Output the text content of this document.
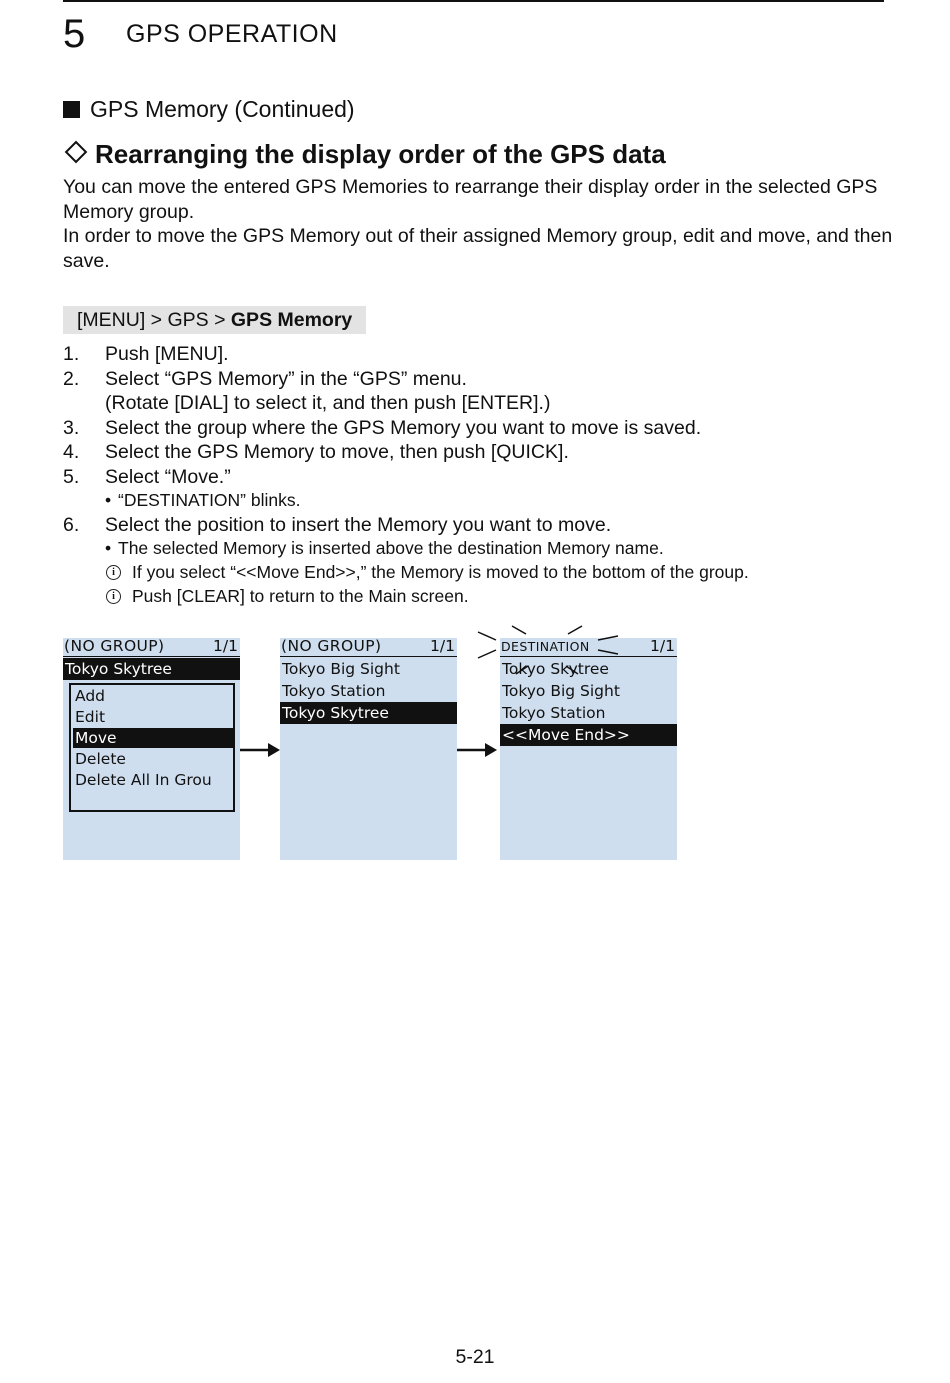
5 GPS OPERATION
GPS Memory (Continued)
Rearranging the display order of the GPS data

You can move the entered GPS Memories to rearrange their display order in the selected GPS Memory group.

In order to move the GPS Memory out of their assigned Memory group, edit and move, and then save.

[MENU] > GPS > GPS Memory
1. Push [MENU].
2. Select “GPS Memory” in the “GPS” menu.
(Rotate [DIAL] to select it, and then push [ENTER].)
3. Select the group where the GPS Memory you want to move is saved.
4. Select the GPS Memory to move, then push [QUICK].
5. Select “Move.”
• “DESTINATION” blinks.
6. Select the position to insert the Memory you want to move.
• The selected Memory is inserted above the destination Memory name.
i If you select “<<Move End>>,” the Memory is moved to the bottom of the group.
i Push [CLEAR] to return to the Main screen.
(NO GROUP)	1/1
Tokyo Skytree
Add
Edit
Move
Delete
Delete All In Grou
(NO GROUP)	1/1
Tokyo Big Sight
Tokyo Station
Tokyo Skytree
DESTINATION	1/1
Tokyo Skytree
Tokyo Big Sight
Tokyo Station
<<Move End>>
5-21
